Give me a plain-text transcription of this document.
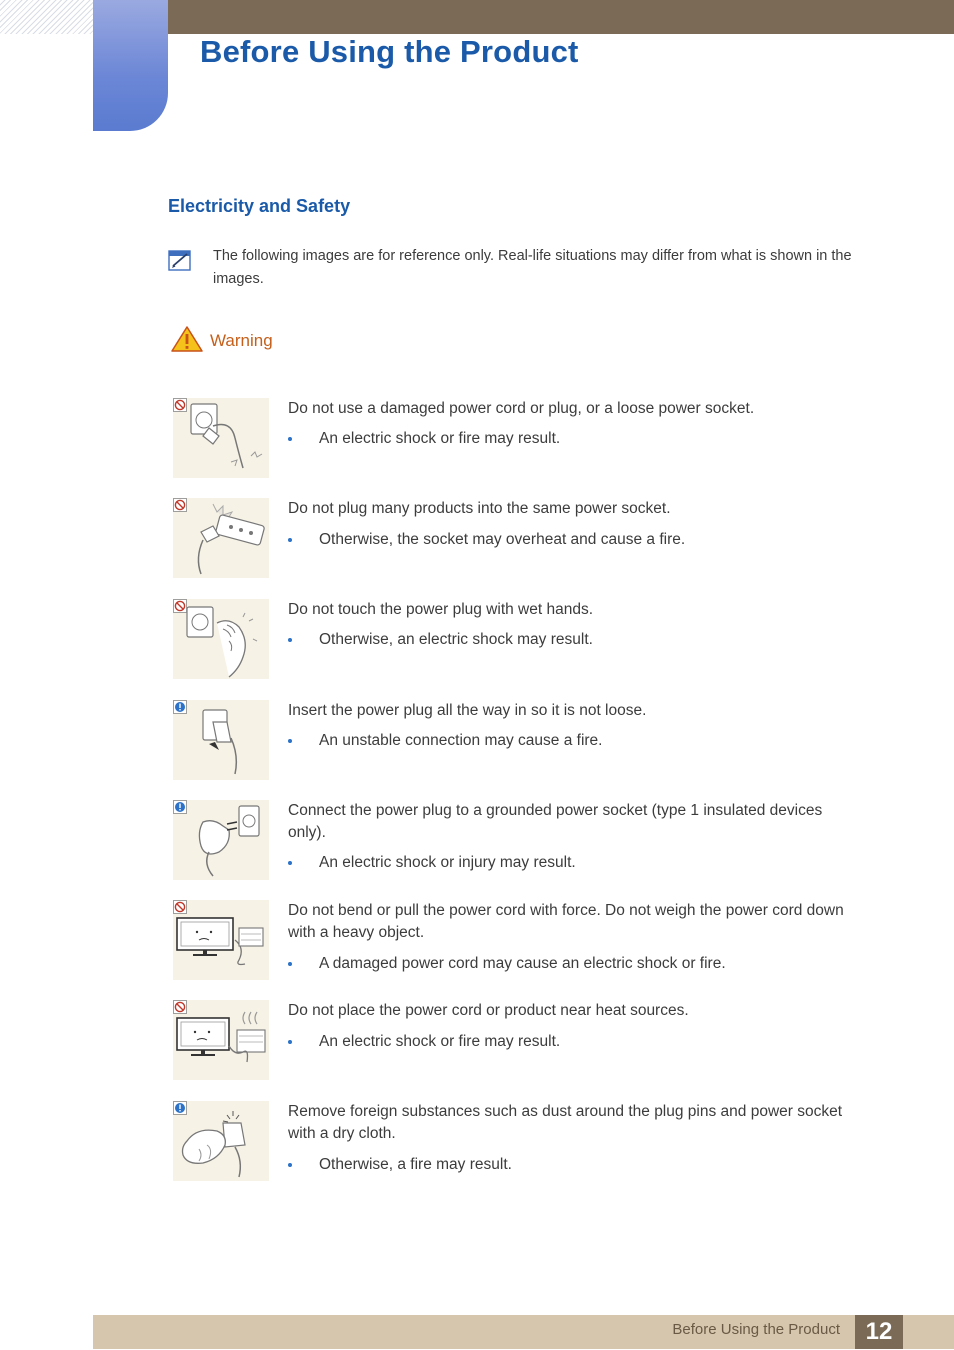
Before Using the Product
Electricity and Safety
The following images are for reference only. Real-life situations may differ from what is shown in the images.
Warning
Do not use a damaged power cord or plug, or a loose power socket.
An electric shock or fire may result.
Do not plug many products into the same power socket.
Otherwise, the socket may overheat and cause a fire.
Do not touch the power plug with wet hands.
Otherwise, an electric shock may result.
Insert the power plug all the way in so it is not loose.
An unstable connection may cause a fire.
Connect the power plug to a grounded power socket (type 1 insulated devices only).
An electric shock or injury may result.
Do not bend or pull the power cord with force. Do not weigh the power cord down with a heavy object.
A damaged power cord may cause an electric shock or fire.
Do not place the power cord or product near heat sources.
An electric shock or fire may result.
Remove foreign substances such as dust around the plug pins and power socket with a dry cloth.
Otherwise, a fire may result.
Before Using the Product	12
